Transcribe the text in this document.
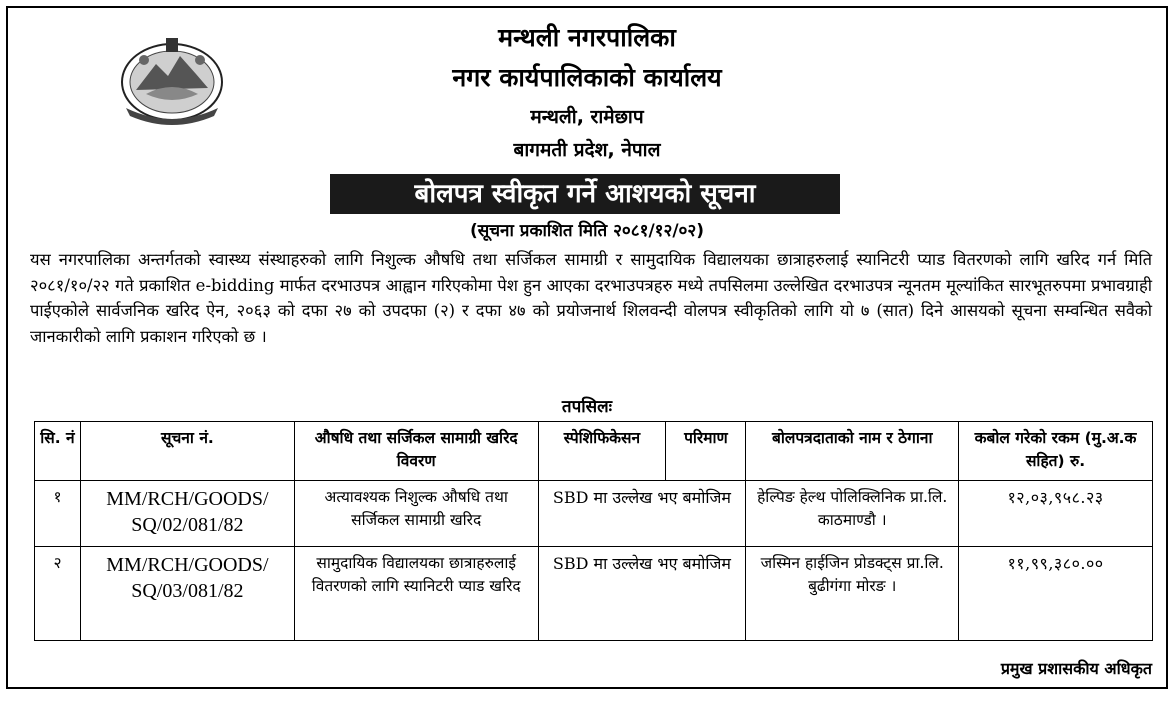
मन्थली नगरपालिका
नगर कार्यपालिकाको कार्यालय
मन्थली, रामेछाप
बागमती प्रदेश, नेपाल
बोलपत्र स्वीकृत गर्ने आशयको सूचना
(सूचना प्रकाशित मिति २०८१/१२/०२)
यस नगरपालिका अन्तर्गतको स्वास्थ्य संस्थाहरुको लागि निशुल्क औषधि तथा सर्जिकल सामाग्री र सामुदायिक विद्यालयका छात्राहरुलाई स्यानिटरी प्याड वितरणको लागि खरिद गर्न मिति २०८१/१०/२२ गते प्रकाशित e-bidding मार्फत दरभाउपत्र आह्वान गरिएकोमा पेश हुन आएका दरभाउपत्रहरु मध्ये तपसिलमा उल्लेखित दरभाउपत्र न्यूनतम मूल्यांकित सारभूतरुपमा प्रभावग्राही पाईएकोले सार्वजनिक खरिद ऐन, २०६३ को दफा २७ को उपदफा (२) र दफा ४७ को प्रयोजनार्थ शिलवन्दी वोलपत्र स्वीकृतिको लागि यो ७ (सात) दिने आसयको सूचना सम्वन्धित सवैको जानकारीको लागि प्रकाशन गरिएको छ ।
तपसिलः
सि. नं	सूचना नं.	औषधि तथा सर्जिकल सामाग्री खरिद विवरण	स्पेशिफिकेसन	परिमाण	बोलपत्रदाताको नाम र ठेगाना	कबोल गरेको रकम (मु.अ.क सहित) रु.
१	MM/RCH/GOODS/ SQ/02/081/82	अत्यावश्यक निशुल्क औषधि तथा सर्जिकल सामाग्री खरिद	SBD मा उल्लेख भए बमोजिम		हेल्पिङ हेल्थ पोलिक्लिनिक प्रा.लि. काठमाण्डौ ।	१२,०३,९५८.२३
२	MM/RCH/GOODS/ SQ/03/081/82	सामुदायिक विद्यालयका छात्राहरुलाई वितरणको लागि स्यानिटरी प्याड खरिद	SBD मा उल्लेख भए बमोजिम		जस्मिन हाईजिन प्रोडक्ट्स प्रा.लि. बुढीगंगा मोरङ ।	११,९९,३८०.००
प्रमुख प्रशासकीय अधिकृत
